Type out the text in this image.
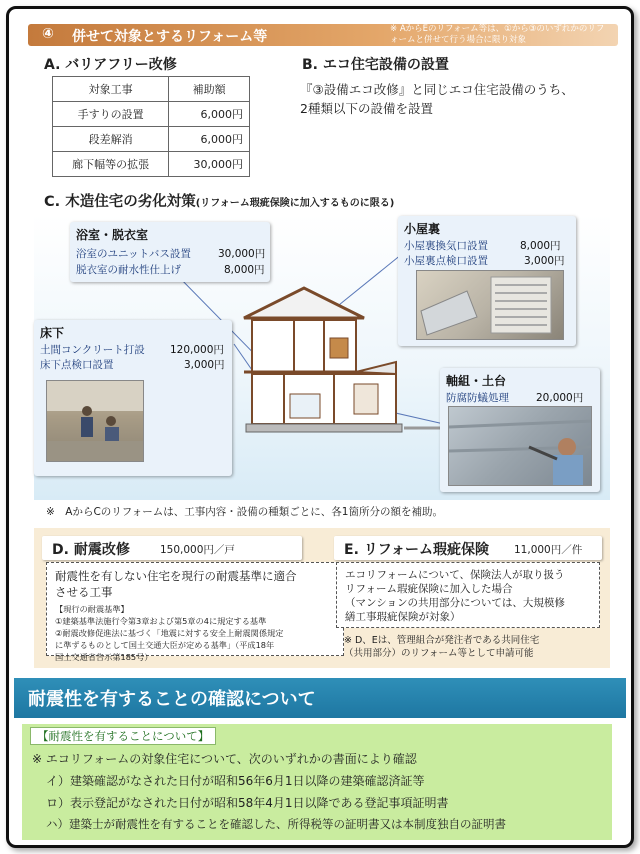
④ 併せて対象とするリフォーム等	※ AからEのリフォーム等は、①から③のいずれかのリフォームと併せて行う場合に限り対象
A. バリアフリー改修
対象工事	補助額
手すりの設置	6,000円
段差解消	6,000円
廊下幅等の拡張	30,000円
B. エコ住宅設備の設置
『③設備エコ改修』と同じエコ住宅設備のうち、
2種類以下の設備を設置
C. 木造住宅の劣化対策(リフォーム瑕疵保険に加入するものに限る)
浴室・脱衣室
浴室のユニットバス設置	30,000円
脱衣室の耐水性仕上げ	8,000円
小屋裏
小屋裏換気口設置	8,000円
小屋裏点検口設置	3,000円
床下
土間コンクリート打設 120,000円
床下点検口設置	3,000円
軸組・土台
防腐防蟻処理	20,000円
※　AからCのリフォームは、工事内容・設備の種類ごとに、各1箇所分の額を補助。
D. 耐震改修	150,000円／戸
耐震性を有しない住宅を現行の耐震基準に適合
させる工事
【現行の耐震基準】
①建築基準法施行令第3章および第5章の4に規定する基準
②耐震改修促進法に基づく「地震に対する安全上耐震関係規定
に準ずるものとして国土交通大臣が定める基準」（平成18年
国土交通省告示第185号）
E. リフォーム瑕疵保険 11,000円／件
エコリフォームについて、保険法人が取り扱う
リフォーム瑕疵保険に加入した場合
（マンションの共用部分については、大規模修
繕工事瑕疵保険が対象）
※ D、Eは、管理組合が発注者である共同住宅
（共用部分）のリフォーム等として申請可能
耐震性を有することの確認について
【耐震性を有することについて】
※ エコリフォームの対象住宅について、次のいずれかの書面により確認
イ）建築確認がなされた日付が昭和56年6月1日以降の建築確認済証等
ロ）表示登記がなされた日付が昭和58年4月1日以降である登記事項証明書
ハ）建築士が耐震性を有することを確認した、所得税等の証明書又は本制度独自の証明書
